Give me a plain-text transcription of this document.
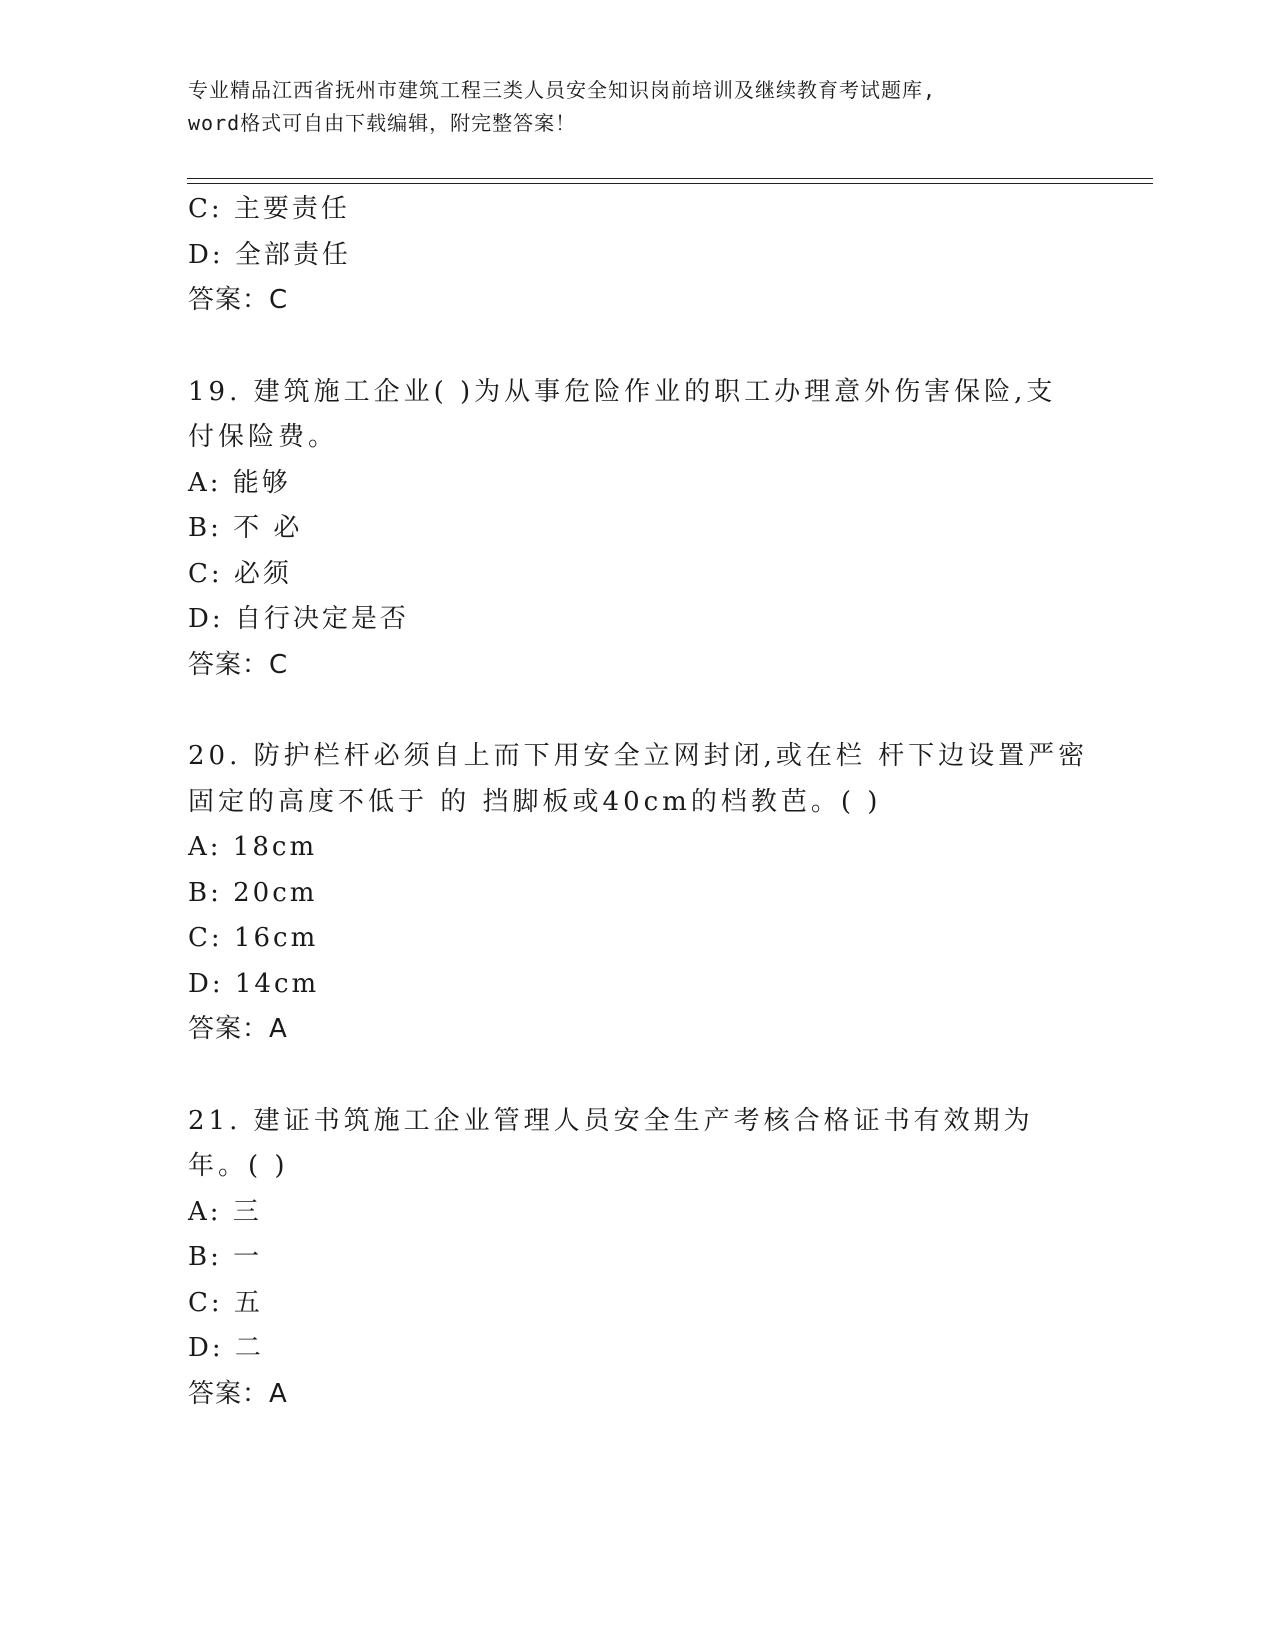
专业精品江西省抚州市建筑工程三类人员安全知识岗前培训及继续教育考试题库,
word格式可自由下载编辑，附完整答案！
C: 主要责任
D: 全部责任
答案：C
19. 建筑施工企业( )为从事危险作业的职工办理意外伤害保险,支
付保险费。
A: 能够
B: 不 必
C: 必须
D: 自行决定是否
答案：C
20. 防护栏杆必须自上而下用安全立网封闭,或在栏 杆下边设置严密
固定的高度不低于 的 挡脚板或40cm的档教芭。( )
A: 18cm
B: 20cm
C: 16cm
D: 14cm
答案：A
21. 建证书筑施工企业管理人员安全生产考核合格证书有效期为
年。( )
A: 三
B: 一
C: 五
D: 二
答案：A
